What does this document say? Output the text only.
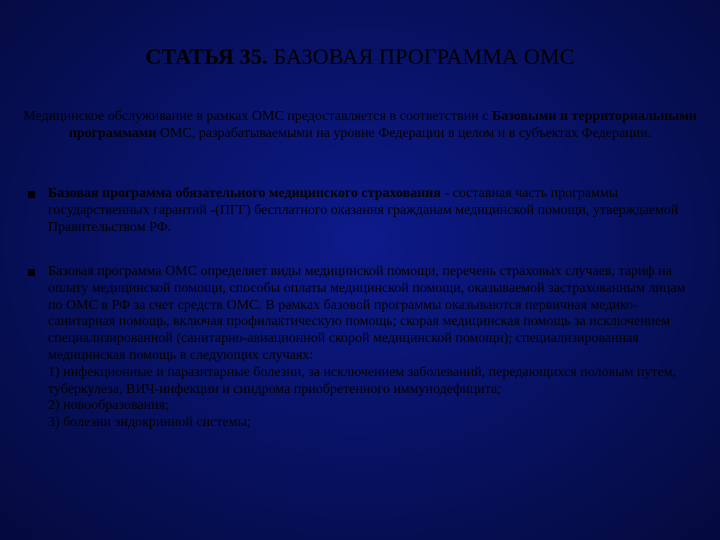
СТАТЬЯ 35. БАЗОВАЯ ПРОГРАММА ОМС
Медицинское обслуживание в рамках ОМС предоставляется в соответствии с Базовыми и территориальными программами ОМС, разрабатываемыми на уровне Федерации в целом и в субъектах Федерации.
Базовая программа обязательного медицинского страхования - составная часть программы государственных гарантий -(ПГГ) бесплатного оказания гражданам медицинской помощи, утверждаемой Правительством РФ.
Базовая программа ОМС определяет виды медицинской помощи, перечень страховых случаев, тариф на оплату медицинской помощи, способы оплаты медицинской помощи, оказываемой застрахованным лицам по ОМС в РФ за счет средств ОМС. В рамках базовой программы оказываются первичная медико-санитарная помощь, включая профилактическую помощь; скорая медицинская помощь за исключением специализированной (санитарно-авиационной скорой медицинской помощи); специализированная медицинская помощь в следующих случаях:
1) инфекционные и паразитарные болезни, за исключением заболеваний, передающихся половым путем, туберкулеза, ВИЧ-инфекции и синдрома приобретенного иммунодефицита;
2) новообразования;
3) болезни эндокринной системы;
